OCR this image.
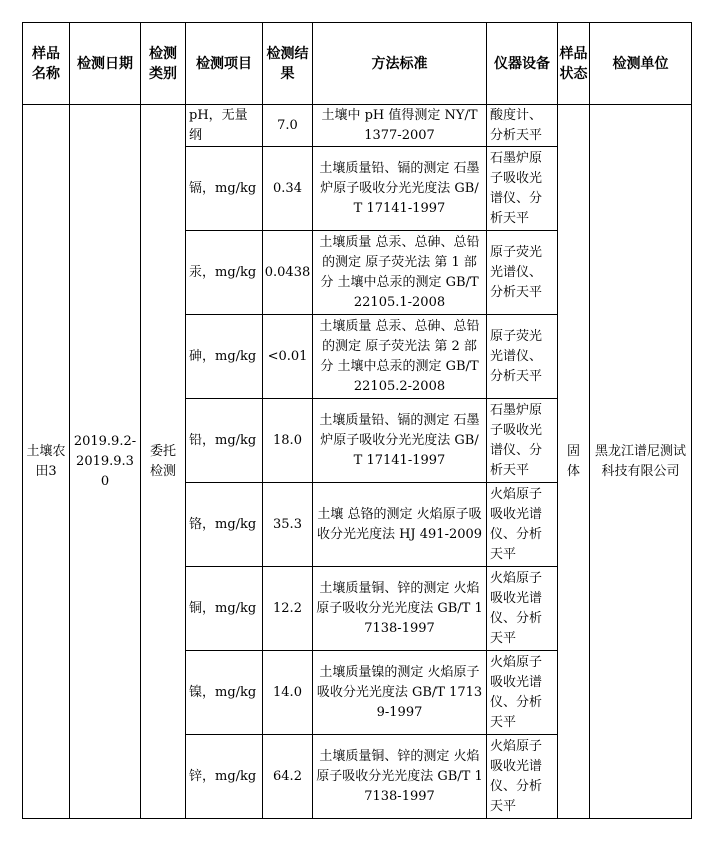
样品名称	检测日期	检测类别	检测项目	检测结果	方法标准	仪器设备	样品状态	检测单位
土壤农田3	2019.9.2-2019.9.30	委托检测	pH，无量纲	7.0	土壤中 pH 值得测定 NY/T 1377-2007	酸度计、分析天平	固体	黑龙江谱尼测试科技有限公司
			镉，mg/kg	0.34	土壤质量铅、镉的测定 石墨炉原子吸收分光光度法 GB/T 17141-1997	石墨炉原子吸收光谱仪、分析天平		
			汞，mg/kg	0.0438	土壤质量 总汞、总砷、总铅的测定 原子荧光法 第 1 部分 土壤中总汞的测定 GB/T 22105.1-2008	原子荧光光谱仪、分析天平		
			砷，mg/kg	<0.01	土壤质量 总汞、总砷、总铅的测定 原子荧光法 第 2 部分 土壤中总汞的测定 GB/T 22105.2-2008	原子荧光光谱仪、分析天平		
			铅，mg/kg	18.0	土壤质量铅、镉的测定 石墨炉原子吸收分光光度法 GB/T 17141-1997	石墨炉原子吸收光谱仪、分析天平		
			铬，mg/kg	35.3	土壤 总铬的测定 火焰原子吸收分光光度法 HJ 491-2009	火焰原子吸收光谱仪、分析天平		
			铜，mg/kg	12.2	土壤质量铜、锌的测定 火焰原子吸收分光光度法 GB/T 17138-1997	火焰原子吸收光谱仪、分析天平		
			镍，mg/kg	14.0	土壤质量镍的测定 火焰原子吸收分光光度法 GB/T 17139-1997	火焰原子吸收光谱仪、分析天平		
			锌，mg/kg	64.2	土壤质量铜、锌的测定 火焰原子吸收分光光度法 GB/T 17138-1997	火焰原子吸收光谱仪、分析天平		
